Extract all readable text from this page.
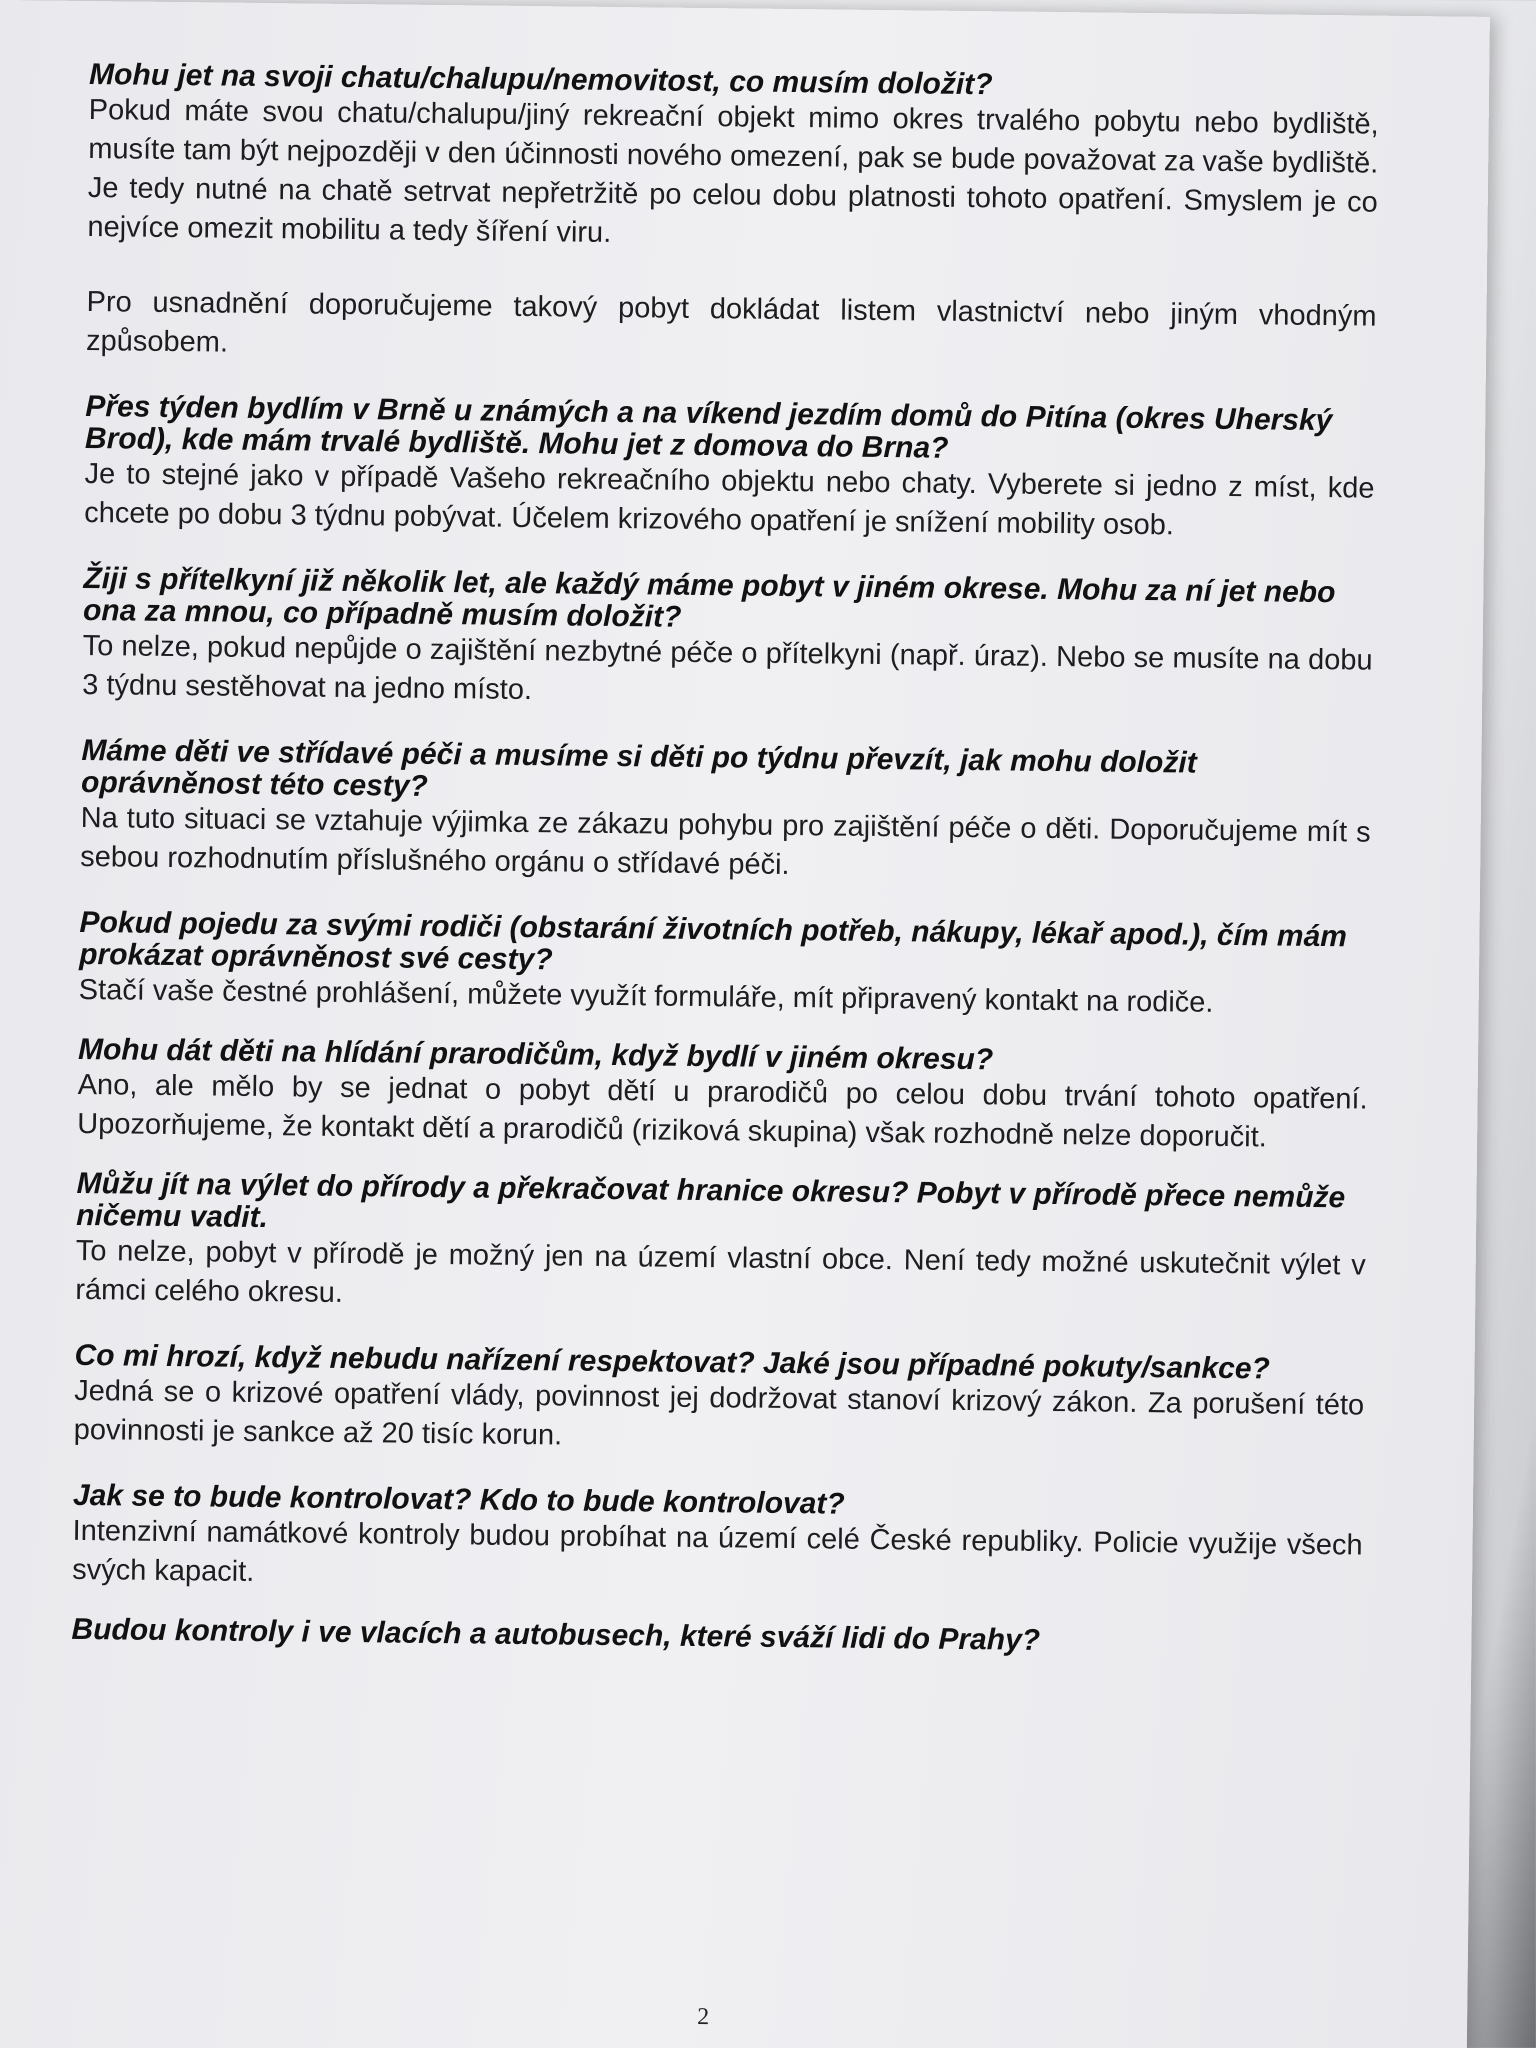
Mohu jet na svoji chatu/chalupu/nemovitost, co musím doložit?

Pokud máte svou chatu/chalupu/jiný rekreační objekt mimo okres trvalého pobytu nebo bydliště, musíte tam být nejpozději v den účinnosti nového omezení, pak se bude považovat za vaše bydliště. Je tedy nutné na chatě setrvat nepřetržitě po celou dobu platnosti tohoto opatření. Smyslem je co nejvíce omezit mobilitu a tedy šíření viru.

Pro usnadnění doporučujeme takový pobyt dokládat listem vlastnictví nebo jiným vhodným způsobem.

Přes týden bydlím v Brně u známých a na víkend jezdím domů do Pitína (okres Uherský Brod), kde mám trvalé bydliště. Mohu jet z domova do Brna?

Je to stejné jako v případě Vašeho rekreačního objektu nebo chaty. Vyberete si jedno z míst, kde chcete po dobu 3 týdnu pobývat. Účelem krizového opatření je snížení mobility osob.

Žiji s přítelkyní již několik let, ale každý máme pobyt v jiném okrese. Mohu za ní jet nebo ona za mnou, co případně musím doložit?

To nelze, pokud nepůjde o zajištění nezbytné péče o přítelkyni (např. úraz). Nebo se musíte na dobu 3 týdnu sestěhovat na jedno místo.

Máme děti ve střídavé péči a musíme si děti po týdnu převzít, jak mohu doložit oprávněnost této cesty?

Na tuto situaci se vztahuje výjimka ze zákazu pohybu pro zajištění péče o děti. Doporučujeme mít s sebou rozhodnutím příslušného orgánu o střídavé péči.

Pokud pojedu za svými rodiči (obstarání životních potřeb, nákupy, lékař apod.), čím mám prokázat oprávněnost své cesty?

Stačí vaše čestné prohlášení, můžete využít formuláře, mít připravený kontakt na rodiče.

Mohu dát děti na hlídání prarodičům, když bydlí v jiném okresu?

Ano, ale mělo by se jednat o pobyt dětí u prarodičů po celou dobu trvání tohoto opatření. Upozorňujeme, že kontakt dětí a prarodičů (riziková skupina) však rozhodně nelze doporučit.

Můžu jít na výlet do přírody a překračovat hranice okresu? Pobyt v přírodě přece nemůže ničemu vadit.

To nelze, pobyt v přírodě je možný jen na území vlastní obce. Není tedy možné uskutečnit výlet v rámci celého okresu.

Co mi hrozí, když nebudu nařízení respektovat? Jaké jsou případné pokuty/sankce?

Jedná se o krizové opatření vlády, povinnost jej dodržovat stanoví krizový zákon. Za porušení této povinnosti je sankce až 20 tisíc korun.

Jak se to bude kontrolovat? Kdo to bude kontrolovat?

Intenzivní namátkové kontroly budou probíhat na území celé České republiky. Policie využije všech svých kapacit.

Budou kontroly i ve vlacích a autobusech, které sváží lidi do Prahy?

2
